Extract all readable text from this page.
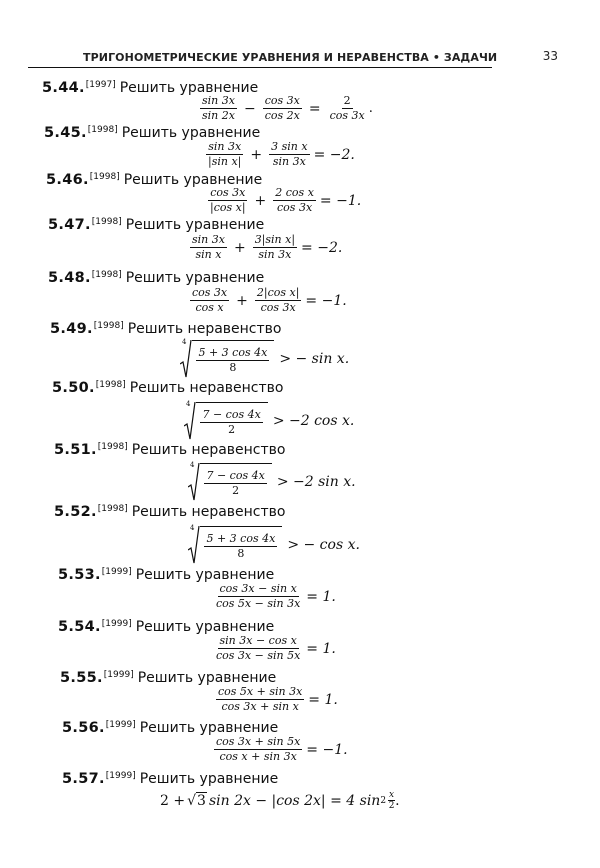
ТРИГОНОМЕТРИЧЕСКИЕ УРАВНЕНИЯ И НЕРАВЕНСТВА • ЗАДАЧИ	33
5.44.[1997] Решить уравнение
$\frac{\sin 3x}{\sin 2x} - \frac{\cos 3x}{\cos 2x} = \frac{2}{\cos 3x}$ .
5.45.[1998] Решить уравнение
$\frac{\sin 3x}{\text{|sin x|}} + \frac{\text{3 sin x}}{\sin 3x} = -2$.
5.46.[1998] Решить уравнение
$\frac{\cos 3x}{\text{|cos x|}} + \frac{\text{2 cos x}}{\cos 3x} = -1$.
5.47.[1998] Решить уравнение
$\frac{\sin 3x}{\text{sin x}} + \frac{\text{3|sin x|}}{\sin 3x} = -2$.
5.48.[1998] Решить уравнение
$\frac{\cos 3x}{\text{cos x}} + \frac{\text{2|cos x|}}{\cos 3x} = -1$.
5.49.[1998] Решить неравенство
4
$\frac{5 + 3 \cos 4x}{8}$ > − sin x.
5.50.[1998] Решить неравенство
4
$\frac{7 - \cos 4x}{2} > -2$ cos x.
5.51.[1998] Решить неравенство
4
$\frac{7 - \cos 4x}{2} > -2$ sin x.
5.52.[1998] Решить неравенство
4
$\frac{5 + 3 \cos 4x}{8}$ > − cos x.
5.53.[1999] Решить уравнение
$\frac{\text{cos 3x − sin x}}{\cos 5x - \sin 3x} = 1$.
5.54.[1999] Решить уравнение
$\frac{\text{sin 3x − cos x}}{\cos 3x - \sin 5x} = 1$.
5.55.[1999] Решить уравнение
$\frac{\cos 5x + \sin 3x}{\text{cos 3x + sin x}} = 1$.
5.56.[1999] Решить уравнение
$\frac{\cos 3x + \sin 5x}{\text{cos x + sin 3x}} = -1$.
5.57.[1999] Решить уравнение
2 + √ 3 sin 2x − |cos 2x| = 4 sin 2
x
2 .
